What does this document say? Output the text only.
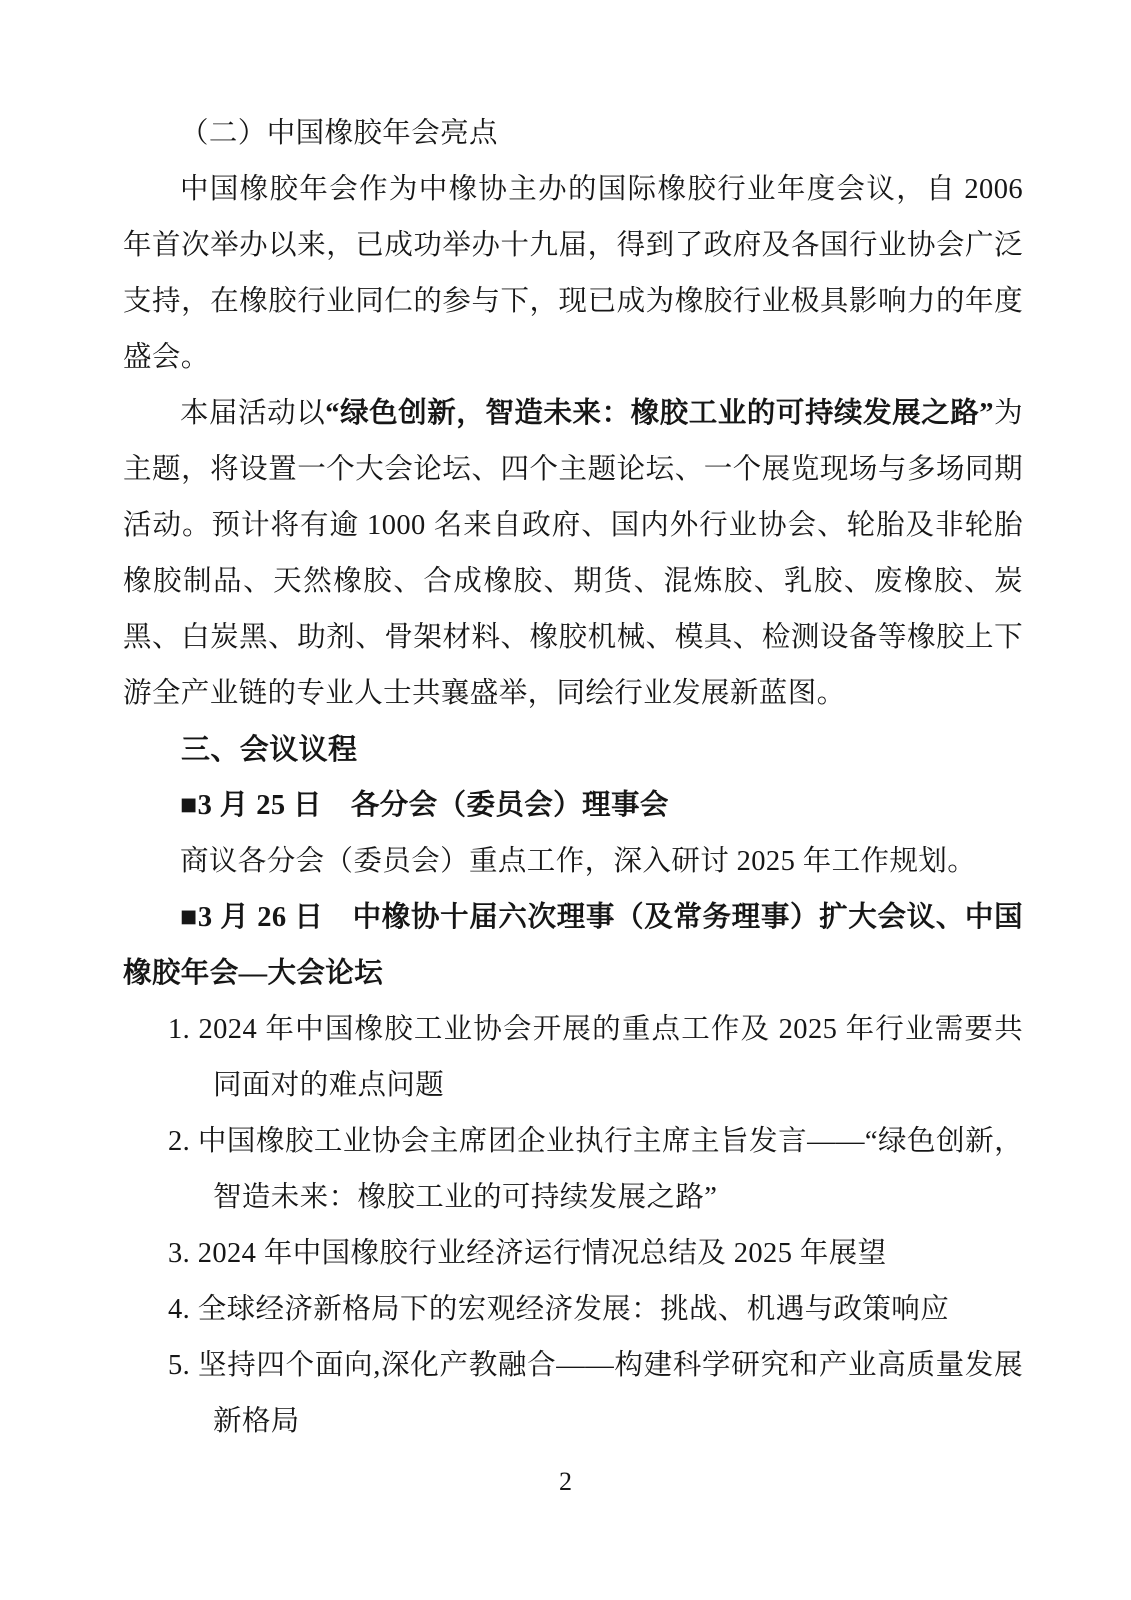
（二）中国橡胶年会亮点

中国橡胶年会作为中橡协主办的国际橡胶行业年度会议，自 2006 年首次举办以来，已成功举办十九届，得到了政府及各国行业协会广泛支持，在橡胶行业同仁的参与下，现已成为橡胶行业极具影响力的年度盛会。

本届活动以“绿色创新，智造未来：橡胶工业的可持续发展之路”为主题，将设置一个大会论坛、四个主题论坛、一个展览现场与多场同期活动。预计将有逾 1000 名来自政府、国内外行业协会、轮胎及非轮胎橡胶制品、天然橡胶、合成橡胶、期货、混炼胶、乳胶、废橡胶、炭黑、白炭黑、助剂、骨架材料、橡胶机械、模具、检测设备等橡胶上下游全产业链的专业人士共襄盛举，同绘行业发展新蓝图。

三、会议议程

■3 月 25 日　各分会（委员会）理事会

商议各分会（委员会）重点工作，深入研讨 2025 年工作规划。

■3 月 26 日　中橡协十届六次理事（及常务理事）扩大会议、中国橡胶年会—大会论坛

1. 2024 年中国橡胶工业协会开展的重点工作及 2025 年行业需要共同面对的难点问题

2. 中国橡胶工业协会主席团企业执行主席主旨发言——“绿色创新，智造未来：橡胶工业的可持续发展之路”

3. 2024 年中国橡胶行业经济运行情况总结及 2025 年展望

4. 全球经济新格局下的宏观经济发展：挑战、机遇与政策响应

5. 坚持四个面向,深化产教融合——构建科学研究和产业高质量发展新格局

2
